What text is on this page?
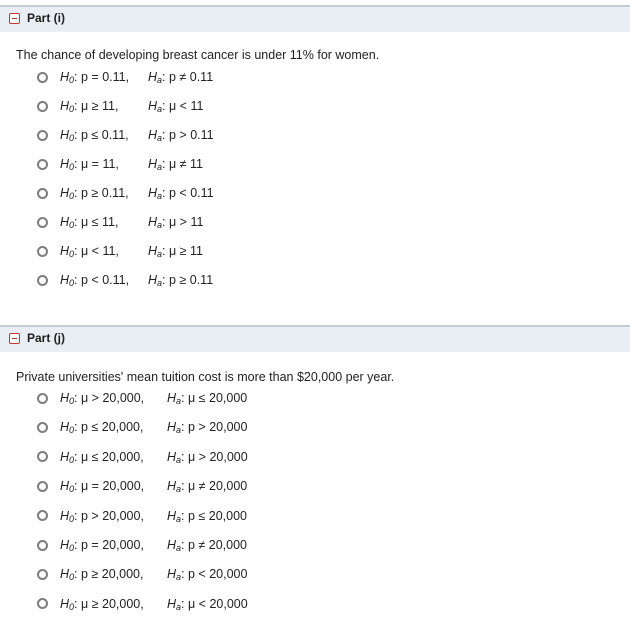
Part (i)
The chance of developing breast cancer is under 11% for women.
$H_0$: p = 0.11,	$H_a$: p ≠ 0.11
$H_0$: μ ≥ 11,	$H_a$: μ < 11
$H_0$: p ≤ 0.11,	$H_a$: p > 0.11
$H_0$: μ = 11,	$H_a$: μ ≠ 11
$H_0$: p ≥ 0.11,	$H_a$: p < 0.11
$H_0$: μ ≤ 11,	$H_a$: μ > 11
$H_0$: μ < 11,	$H_a$: μ ≥ 11
$H_0$: p < 0.11,	$H_a$: p ≥ 0.11
Part (j)
Private universities' mean tuition cost is more than $20,000 per year.
$H_0$: μ > 20,000,	$H_a$: μ ≤ 20,000
$H_0$: p ≤ 20,000,	$H_a$: p > 20,000
$H_0$: μ ≤ 20,000,	$H_a$: μ > 20,000
$H_0$: μ = 20,000,	$H_a$: μ ≠ 20,000
$H_0$: p > 20,000,	$H_a$: p ≤ 20,000
$H_0$: p = 20,000,	$H_a$: p ≠ 20,000
$H_0$: p ≥ 20,000,	$H_a$: p < 20,000
$H_0$: μ ≥ 20,000,	$H_a$: μ < 20,000
